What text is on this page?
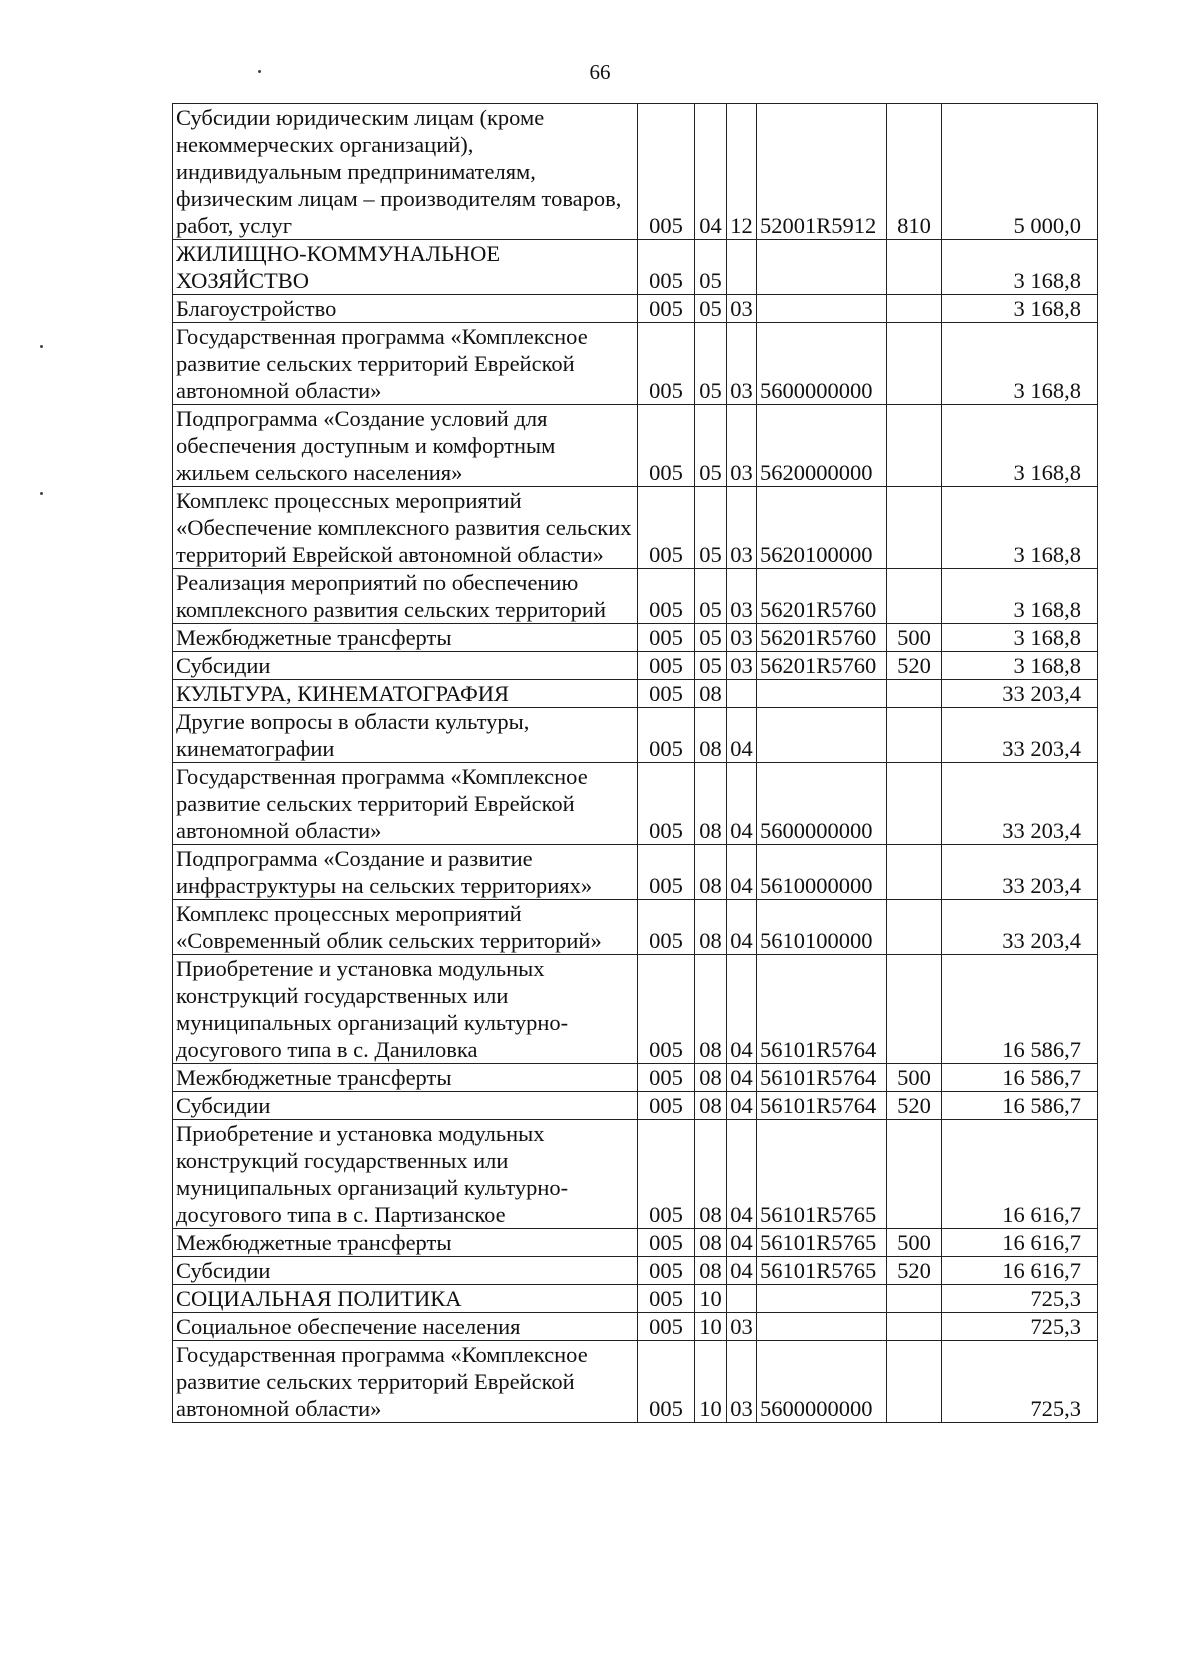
66
Субсидии юридическим лицам (кроме некоммерческих организаций), индивидуальным предпринимателям, физическим лицам – производителям товаров, работ, услуг	005	04	12	52001R5912	810	5 000,0
ЖИЛИЩНО-КОММУНАЛЬНОЕ ХОЗЯЙСТВО	005	05				3 168,8
Благоустройство	005	05	03			3 168,8
Государственная программа «Комплексное развитие сельских территорий Еврейской автономной области»	005	05	03	5600000000		3 168,8
Подпрограмма «Создание условий для обеспечения доступным и комфортным жильем сельского населения»	005	05	03	5620000000		3 168,8
Комплекс процессных мероприятий «Обеспечение комплексного развития сельских территорий Еврейской автономной области»	005	05	03	5620100000		3 168,8
Реализация мероприятий по обеспечению комплексного развития сельских территорий	005	05	03	56201R5760		3 168,8
Межбюджетные трансферты	005	05	03	56201R5760	500	3 168,8
Субсидии	005	05	03	56201R5760	520	3 168,8
КУЛЬТУРА, КИНЕМАТОГРАФИЯ	005	08				33 203,4
Другие вопросы в области культуры, кинематографии	005	08	04			33 203,4
Государственная программа «Комплексное развитие сельских территорий Еврейской автономной области»	005	08	04	5600000000		33 203,4
Подпрограмма «Создание и развитие инфраструктуры на сельских территориях»	005	08	04	5610000000		33 203,4
Комплекс процессных мероприятий «Современный облик сельских территорий»	005	08	04	5610100000		33 203,4
Приобретение и установка модульных конструкций государственных или муниципальных организаций культурно-досугового типа в с. Даниловка	005	08	04	56101R5764		16 586,7
Межбюджетные трансферты	005	08	04	56101R5764	500	16 586,7
Субсидии	005	08	04	56101R5764	520	16 586,7
Приобретение и установка модульных конструкций государственных или муниципальных организаций культурно-досугового типа в с. Партизанское	005	08	04	56101R5765		16 616,7
Межбюджетные трансферты	005	08	04	56101R5765	500	16 616,7
Субсидии	005	08	04	56101R5765	520	16 616,7
СОЦИАЛЬНАЯ ПОЛИТИКА	005	10				725,3
Социальное обеспечение населения	005	10	03			725,3
Государственная программа «Комплексное развитие сельских территорий Еврейской автономной области»	005	10	03	5600000000		725,3
